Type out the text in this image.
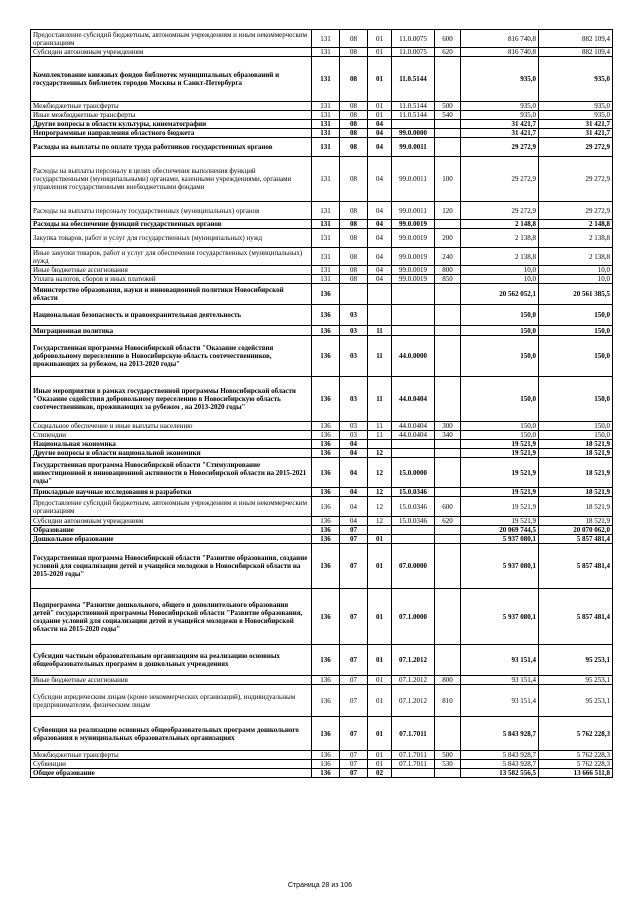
Предоставление субсидий бюджетным, автономным учреждениям и иным некоммерческим организациям	131	08	01	11.0.0075	600	816 740,8	882 109,4
Субсидии автономным учреждениям	131	08	01	11.0.0075	620	816 740,8	882 109,4
Комплектование книжных фондов библиотек муниципальных образований и государственных библиотек городов Москвы и Санкт-Петербурга	131	08	01	11.0.5144		935,0	935,0
Межбюджетные трансферты	131	08	01	11.0.5144	500	935,0	935,0
Иные межбюджетные трансферты	131	08	01	11.0.5144	540	935,0	935,0
Другие вопросы в области культуры, кинематографии	131	08	04			31 421,7	31 421,7
Непрограммные направления областного бюджета	131	08	04	99.0.0000		31 421,7	31 421,7
Расходы на выплаты по оплате труда работников государственных органов	131	08	04	99.0.0011		29 272,9	29 272,9
Расходы на выплаты персоналу в целях обеспечения выполнения функций государственными (муниципальными) органами, казенными учреждениями, органами управления государственными внебюджетными фондами	131	08	04	99.0.0011	100	29 272,9	29 272,9
Расходы на выплаты персоналу государственных (муниципальных) органов	131	08	04	99.0.0011	120	29 272,9	29 272,9
Расходы на обеспечение функций государственных органов	131	08	04	99.0.0019		2 148,8	2 148,8
Закупка товаров, работ и услуг для государственных (муниципальных) нужд	131	08	04	99.0.0019	200	2 138,8	2 138,8
Иные закупки товаров, работ и услуг для обеспечения государственных (муниципальных) нужд	131	08	04	99.0.0019	240	2 138,8	2 138,8
Иные бюджетные ассигнования	131	08	04	99.0.0019	800	10,0	10,0
Уплата налогов, сборов и иных платежей	131	08	04	99.0.0019	850	10,0	10,0
Министерство образования, науки и инновационной политики Новосибирской области	136					20 562 052,1	20 561 385,5
Национальная безопасность и правоохранительная деятельность	136	03				150,0	150,0
Миграционная политика	136	03	11			150,0	150,0
Государственная программа Новосибирской области "Оказание содействия добровольному переселению в Новосибирскую область соотечественников, проживающих за рубежом, на 2013-2020 годы"	136	03	11	44.0.0000		150,0	150,0
Иные мероприятия в рамках государственной программы Новосибирской области "Оказание содействия добровольному переселению в Новосибирскую область соотечественников, проживающих за рубежом , на 2013-2020 годы"	136	03	11	44.0.0404		150,0	150,0
Социальное обеспечение и иные выплаты населению	136	03	11	44.0.0404	300	150,0	150,0
Стипендии	136	03	11	44.0.0404	340	150,0	150,0
Национальная экономика	136	04				19 521,9	18 521,9
Другие вопросы в области национальной экономики	136	04	12			19 521,9	18 521,9
Государственная программа Новосибирской области "Стимулирование инвестиционной и инновационной активности в Новосибирской области на 2015-2021 годы"	136	04	12	15.0.0000		19 521,9	18 521,9
Прикладные научные исследования и разработки	136	04	12	15.0.0346		19 521,9	18 521,9
Предоставление субсидий бюджетным, автономным учреждениям и иным некоммерческим организациям	136	04	12	15.0.0346	600	19 521,9	18 521,9
Субсидии автономным учреждениям	136	04	12	15.0.0346	620	19 521,9	18 521,9
Образование	136	07				20 069 744,5	20 070 062,0
Дошкольное образование	136	07	01			5 937 080,1	5 857 481,4
Государственная программа Новосибирской области "Развитие образования, создание условий для социализации детей и учащейся молодежи в Новосибирской области на 2015-2020 годы"	136	07	01	07.0.0000		5 937 080,1	5 857 481,4
Подпрограмма "Развитие дошкольного, общего и дополнительного образования детей" государственной программы Новосибирской области "Развитие образования, создание условий для социализации детей и учащейся молодежи в Новосибирской области на 2015-2020 годы"	136	07	01	07.1.0000		5 937 080,1	5 857 481,4
Субсидии частным образовательным организациям на реализацию основных общеобразовательных программ в дошкольных учреждениях	136	07	01	07.1.2012		93 151,4	95 253,1
Иные бюджетные ассигнования	136	07	01	07.1.2012	800	93 151,4	95 253,1
Субсидии юридическим лицам (кроме некоммерческих организаций), индивидуальным предпринимателям, физическим лицам	136	07	01	07.1.2012	810	93 151,4	95 253,1
Субвенция на реализацию основных общеобразовательных программ дошкольного образования в муниципальных образовательных организациях	136	07	01	07.1.7011		5 843 928,7	5 762 228,3
Межбюджетные трансферты	136	07	01	07.1.7011	500	5 843 928,7	5 762 228,3
Субвенции	136	07	01	07.1.7011	530	5 843 928,7	5 762 228,3
Общее образование	136	07	02			13 582 556,5	13 666 511,8
Страница 28 из 106
